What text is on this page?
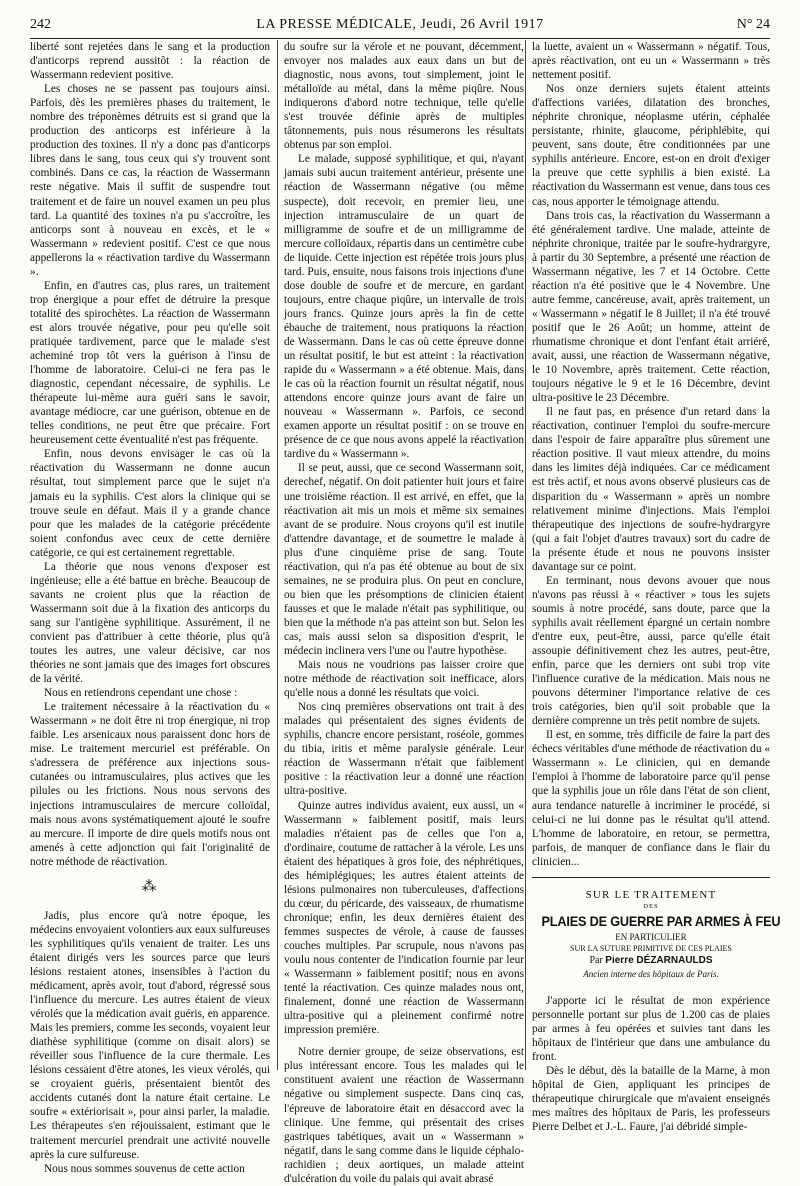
242	LA PRESSE MÉDICALE, Jeudi, 26 Avril 1917	N° 24

liberté sont rejetées dans le sang et la production d'anticorps reprend aussitôt : la réaction de Wassermann redevient positive.

Les choses ne se passent pas toujours ainsi. Parfois, dès les premières phases du traitement, le nombre des tréponèmes détruits est si grand que la production des anticorps est inférieure à la production des toxines. Il n'y a donc pas d'anticorps libres dans le sang, tous ceux qui s'y trouvent sont combinés. Dans ce cas, la réaction de Wassermann reste négative. Mais il suffit de suspendre tout traitement et de faire un nouvel examen un peu plus tard. La quantité des toxines n'a pu s'accroître, les anticorps sont à nouveau en excès, et le « Wassermann » redevient positif. C'est ce que nous appellerons la « réactivation tardive du Wassermann ».

Enfin, en d'autres cas, plus rares, un traitement trop énergique a pour effet de détruire la presque totalité des spirochètes. La réaction de Wassermann est alors trouvée négative, pour peu qu'elle soit pratiquée tardivement, parce que le malade s'est acheminé trop tôt vers la guérison à l'insu de l'homme de laboratoire. Celui-ci ne fera pas le diagnostic, cependant nécessaire, de syphilis. Le thérapeute lui-même aura guéri sans le savoir, avantage médiocre, car une guérison, obtenue en de telles conditions, ne peut être que précaire. Fort heureusement cette éventualité n'est pas fréquente.

Enfin, nous devons envisager le cas où la réactivation du Wassermann ne donne aucun résultat, tout simplement parce que le sujet n'a jamais eu la syphilis. C'est alors la clinique qui se trouve seule en défaut. Mais il y a grande chance pour que les malades de la catégorie précédente soient confondus avec ceux de cette dernière catégorie, ce qui est certainement regrettable.

La théorie que nous venons d'exposer est ingénieuse; elle a été battue en brèche. Beaucoup de savants ne croient plus que la réaction de Wassermann soit due à la fixation des anticorps du sang sur l'antigène syphilitique. Assurément, il ne convient pas d'attribuer à cette théorie, plus qu'à toutes les autres, une valeur décisive, car nos théories ne sont jamais que des images fort obscures de la vérité.

Nous en retiendrons cependant une chose :

Le traitement nécessaire à la réactivation du « Wassermann » ne doit être ni trop énergique, ni trop faible. Les arsenicaux nous paraissent donc hors de mise. Le traitement mercuriel est préférable. On s'adressera de préférence aux injections sous-cutanées ou intramusculaires, plus actives que les pilules ou les frictions. Nous nous servons des injections intramusculaires de mercure colloïdal, mais nous avons systématiquement ajouté le soufre au mercure. Il importe de dire quels motifs nous ont amenés à cette adjonction qui fait l'originalité de notre méthode de réactivation.

⁂

Jadis, plus encore qu'à notre époque, les médecins envoyaient volontiers aux eaux sulfureuses les syphilitiques qu'ils venaient de traiter. Les uns étaient dirigés vers les sources parce que leurs lésions restaient atones, insensibles à l'action du médicament, après avoir, tout d'abord, régressé sous l'influence du mercure. Les autres étaient de vieux vérolés que la médication avait guéris, en apparence. Mais les premiers, comme les seconds, voyaient leur diathèse syphilitique (comme on disait alors) se réveiller sous l'influence de la cure thermale. Les lésions cessaient d'être atones, les vieux vérolés, qui se croyaient guéris, présentaient bientôt des accidents cutanés dont la nature était certaine. Le soufre « extériorisait », pour ainsi parler, la maladie. Les thérapeutes s'en réjouissaient, estimant que le traitement mercuriel prendrait une activité nouvelle après la cure sulfureuse.

Nous nous sommes souvenus de cette action

du soufre sur la vérole et ne pouvant, décemment, envoyer nos malades aux eaux dans un but de diagnostic, nous avons, tout simplement, joint le métalloïde au métal, dans la même piqûre. Nous indiquerons d'abord notre technique, telle qu'elle s'est trouvée définie après de multiples tâtonnements, puis nous résumerons les résultats obtenus par son emploi.

Le malade, supposé syphilitique, et qui, n'ayant jamais subi aucun traitement antérieur, présente une réaction de Wassermann négative (ou même suspecte), doit recevoir, en premier lieu, une injection intramusculaire de un quart de milligramme de soufre et de un milligramme de mercure colloïdaux, répartis dans un centimètre cube de liquide. Cette injection est répétée trois jours plus tard. Puis, ensuite, nous faisons trois injections d'une dose double de soufre et de mercure, en gardant toujours, entre chaque piqûre, un intervalle de trois jours francs. Quinze jours après la fin de cette ébauche de traitement, nous pratiquons la réaction de Wassermann. Dans le cas où cette épreuve donne un résultat positif, le but est atteint : la réactivation rapide du « Wassermann » a été obtenue. Mais, dans le cas où la réaction fournit un résultat négatif, nous attendons encore quinze jours avant de faire un nouveau « Wassermann ». Parfois, ce second examen apporte un résultat positif : on se trouve en présence de ce que nous avons appelé la réactivation tardive du « Wassermann ».

Il se peut, aussi, que ce second Wassermann soit, derechef, négatif. On doit patienter huit jours et faire une troisième réaction. Il est arrivé, en effet, que la réactivation ait mis un mois et même six semaines avant de se produire. Nous croyons qu'il est inutile d'attendre davantage, et de soumettre le malade à plus d'une cinquième prise de sang. Toute réactivation, qui n'a pas été obtenue au bout de six semaines, ne se produira plus. On peut en conclure, ou bien que les présomptions de clinicien étaient fausses et que le malade n'était pas syphilitique, ou bien que la méthode n'a pas atteint son but. Selon les cas, mais aussi selon sa disposition d'esprit, le médecin inclinera vers l'une ou l'autre hypothèse.

Mais nous ne voudrions pas laisser croire que notre méthode de réactivation soit inefficace, alors qu'elle nous a donné les résultats que voici.

Nos cinq premières observations ont trait à des malades qui présentaient des signes évidents de syphilis, chancre encore persistant, roséole, gommes du tibia, iritis et même paralysie générale. Leur réaction de Wassermann n'était que faiblement positive : la réactivation leur a donné une réaction ultra-positive.

Quinze autres individus avaient, eux aussi, un « Wassermann » faiblement positif, mais leurs maladies n'étaient pas de celles que l'on a, d'ordinaire, coutume de rattacher à la vérole. Les uns étaient des hépatiques à gros foie, des néphrétiques, des hémiplégiques; les autres étaient atteints de lésions pulmonaires non tuberculeuses, d'affections du cœur, du péricarde, des vaisseaux, de rhumatisme chronique; enfin, les deux dernières étaient des femmes suspectes de vérole, à cause de fausses couches multiples. Par scrupule, nous n'avons pas voulu nous contenter de l'indication fournie par leur « Wassermann » faiblement positif; nous en avons tenté la réactivation. Ces quinze malades nous ont, finalement, donné une réaction de Wassermann ultra-positive qui a pleinement confirmé notre impression première.

Notre dernier groupe, de seize observations, est plus intéressant encore. Tous les malades qui le constituent avaient une réaction de Wassermann négative ou simplement suspecte. Dans cinq cas, l'épreuve de laboratoire était en désaccord avec la clinique. Une femme, qui présentait des crises gastriques tabétiques, avait un « Wassermann » négatif, dans le sang comme dans le liquide céphalo-rachidien ; deux aortiques, un malade atteint d'ulcération du voile du palais qui avait abrasé

la luette, avaient un « Wassermann » négatif. Tous, après réactivation, ont eu un « Wassermann » très nettement positif.

Nos onze derniers sujets étaient atteints d'affections variées, dilatation des bronches, néphrite chronique, néoplasme utérin, céphalée persistante, rhinite, glaucome, périphlébite, qui peuvent, sans doute, être conditionnées par une syphilis antérieure. Encore, est-on en droit d'exiger la preuve que cette syphilis a bien existé. La réactivation du Wassermann est venue, dans tous ces cas, nous apporter le témoignage attendu.

Dans trois cas, la réactivation du Wassermann a été généralement tardive. Une malade, atteinte de néphrite chronique, traitée par le soufre-hydrargyre, à partir du 30 Septembre, a présenté une réaction de Wassermann négative, les 7 et 14 Octobre. Cette réaction n'a été positive que le 4 Novembre. Une autre femme, cancéreuse, avait, après traitement, un « Wassermann » négatif le 8 Juillet; il n'a été trouvé positif que le 26 Août; un homme, atteint de rhumatisme chronique et dont l'enfant était arriéré, avait, aussi, une réaction de Wassermann négative, le 10 Novembre, après traitement. Cette réaction, toujours négative le 9 et le 16 Décembre, devint ultra-positive le 23 Décembre.

Il ne faut pas, en présence d'un retard dans la réactivation, continuer l'emploi du soufre-mercure dans l'espoir de faire apparaître plus sûrement une réaction positive. Il vaut mieux attendre, du moins dans les limites déjà indiquées. Car ce médicament est très actif, et nous avons observé plusieurs cas de disparition du « Wassermann » après un nombre relativement minime d'injections. Mais l'emploi thérapeutique des injections de soufre-hydrargyre (qui a fait l'objet d'autres travaux) sort du cadre de la présente étude et nous ne pouvons insister davantage sur ce point.

En terminant, nous devons avouer que nous n'avons pas réussi à « réactiver » tous les sujets soumis à notre procédé, sans doute, parce que la syphilis avait réellement épargné un certain nombre d'entre eux, peut-être, aussi, parce qu'elle était assoupie définitivement chez les autres, peut-être, enfin, parce que les derniers ont subi trop vite l'influence curative de la médication. Mais nous ne pouvons déterminer l'importance relative de ces trois catégories, bien qu'il soit probable que la dernière comprenne un très petit nombre de sujets.

Il est, en somme, très difficile de faire la part des échecs véritables d'une méthode de réactivation du « Wassermann ». Le clinicien, qui en demande l'emploi à l'homme de laboratoire parce qu'il pense que la syphilis joue un rôle dans l'état de son client, aura tendance naturelle à incriminer le procédé, si celui-ci ne lui donne pas le résultat qu'il attend. L'homme de laboratoire, en retour, se permettra, parfois, de manquer de confiance dans le flair du clinicien...

SUR LE TRAITEMENT
DES
PLAIES DE GUERRE PAR ARMES À FEU
EN PARTICULIER
SUR LA SUTURE PRIMITIVE DE CES PLAIES
Par Pierre DÉZARNAULDS
Ancien interne des hôpitaux de Paris.

J'apporte ici le résultat de mon expérience personnelle portant sur plus de 1.200 cas de plaies par armes à feu opérées et suivies tant dans les hôpitaux de l'intérieur que dans une ambulance du front.

Dès le début, dès la bataille de la Marne, à mon hôpital de Gien, appliquant les principes de thérapeutique chirurgicale que m'avaient enseignés mes maîtres des hôpitaux de Paris, les professeurs Pierre Delbet et J.-L. Faure, j'ai débridé simple-
